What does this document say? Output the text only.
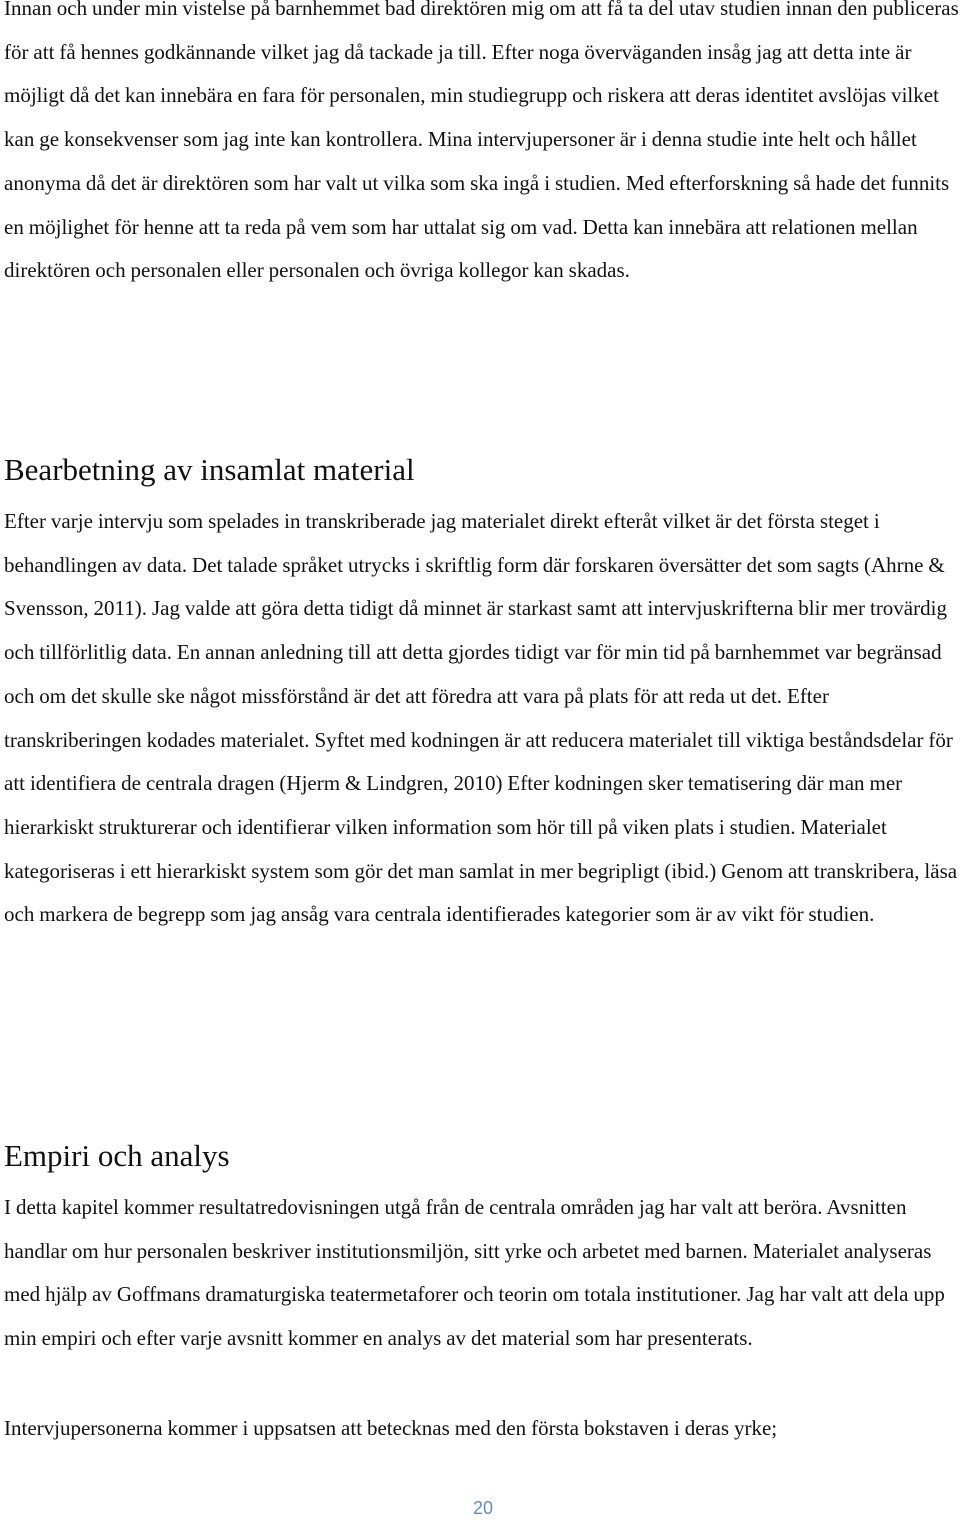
Innan och under min vistelse på barnhemmet bad direktören mig om att få ta del utav studien innan den publiceras för att få hennes godkännande vilket jag då tackade ja till. Efter noga överväganden insåg jag att detta inte är möjligt då det kan innebära en fara för personalen, min studiegrupp och riskera att deras identitet avslöjas vilket kan ge konsekvenser som jag inte kan kontrollera. Mina intervjupersoner är i denna studie inte helt och hållet anonyma då det är direktören som har valt ut vilka som ska ingå i studien. Med efterforskning så hade det funnits en möjlighet för henne att ta reda på vem som har uttalat sig om vad. Detta kan innebära att relationen mellan direktören och personalen eller personalen och övriga kollegor kan skadas.

Bearbetning av insamlat material

Efter varje intervju som spelades in transkriberade jag materialet direkt efteråt vilket är det första steget i behandlingen av data. Det talade språket utrycks i skriftlig form där forskaren översätter det som sagts (Ahrne & Svensson, 2011). Jag valde att göra detta tidigt då minnet är starkast samt att intervjuskrifterna blir mer trovärdig och tillförlitlig data. En annan anledning till att detta gjordes tidigt var för min tid på barnhemmet var begränsad och om det skulle ske något missförstånd är det att föredra att vara på plats för att reda ut det. Efter transkriberingen kodades materialet. Syftet med kodningen är att reducera materialet till viktiga beståndsdelar för att identifiera de centrala dragen (Hjerm & Lindgren, 2010) Efter kodningen sker tematisering där man mer hierarkiskt strukturerar och identifierar vilken information som hör till på viken plats i studien. Materialet kategoriseras i ett hierarkiskt system som gör det man samlat in mer begripligt (ibid.) Genom att transkribera, läsa och markera de begrepp som jag ansåg vara centrala identifierades kategorier som är av vikt för studien.

Empiri och analys

I detta kapitel kommer resultatredovisningen utgå från de centrala områden jag har valt att beröra. Avsnitten handlar om hur personalen beskriver institutionsmiljön, sitt yrke och arbetet med barnen. Materialet analyseras med hjälp av Goffmans dramaturgiska teatermetaforer och teorin om totala institutioner. Jag har valt att dela upp min empiri och efter varje avsnitt kommer en analys av det material som har presenterats.

Intervjupersonerna kommer i uppsatsen att betecknas med den första bokstaven i deras yrke;

20
